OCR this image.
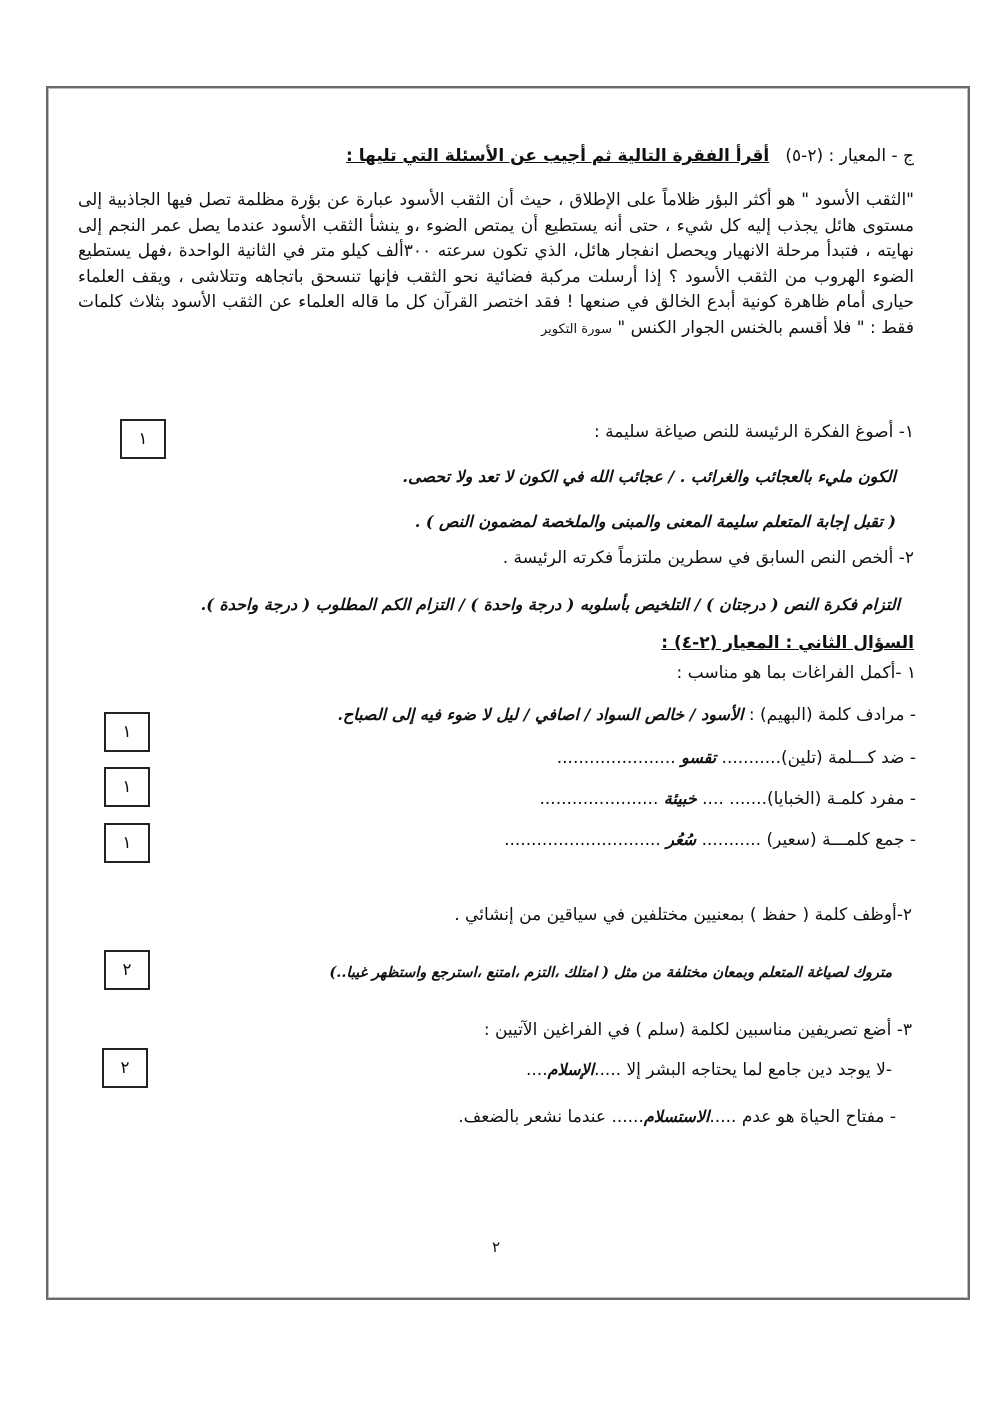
ج - المعيار : (٢-٥)   أقرأ الفقرة التالية ثم أجيب عن الأسئلة التي تليها :
"الثقب الأسود " هو أكثر البؤر ظلاماً على الإطلاق ، حيث أن الثقب الأسود عبارة عن بؤرة مظلمة تصل فيها الجاذبية إلى مستوى هائل يجذب إليه كل شيء ، حتى أنه يستطيع أن يمتص الضوء ،و ينشأ الثقب الأسود عندما يصل عمر النجم إلى نهايته ، فتبدأ مرحلة الانهيار ويحصل انفجار هائل، الذي تكون سرعته ٣٠٠ألف كيلو متر في الثانية الواحدة ،فهل يستطيع الضوء الهروب من الثقب الأسود ؟ إذا أرسلت مركبة فضائية نحو الثقب فإنها تنسحق باتجاهه وتتلاشى ، ويقف العلماء حيارى أمام ظاهرة كونية أبدع الخالق في صنعها ! فقد اختصر القرآن كل ما قاله العلماء عن الثقب الأسود بثلاث كلمات فقط : " فلا أقسم بالخنس الجوار الكنس " سورة التكوير
١	١- أصوغ الفكرة الرئيسة للنص صياغة سليمة :
الكون مليء بالعجائب والغرائب . / عجائب الله في الكون لا تعد ولا تحصى.
( تقبل إجابة المتعلم سليمة المعنى والمبنى والملخصة لمضمون النص ) .
٢- ألخص النص السابق في سطرين ملتزماً فكرته الرئيسة .
التزام فكرة النص ( درجتان ) / التلخيص بأسلوبه ( درجة واحدة ) / التزام الكم المطلوب ( درجة واحدة ).
السؤال الثاني : المعيار (٢-٤) :
١ -أكمل الفراغات بما هو مناسب :
- مرادف كلمة (البهيم) : الأسود / خالص السواد / اصافي / ليل لا ضوء فيه إلى الصباح.
١
- ضد كـــلمة (تلين)........... تقسو ......................
١
- مفرد كلمـة (الخبايا)....... .... خبيئة ......................
١	- جمع كلمـــة (سعير) ........... سُعُر .............................
٢-أوظف كلمة ( حفظ ) بمعنيين مختلفين في سياقين من إنشائي .
٢	متروك لصياغة المتعلم وبمعان مختلفة من مثل ( امتلك ،التزم ،امتنع ،استرجع واستظهر غيبا..)
٣- أضع تصريفين مناسبين لكلمة (سلم ) في الفراغين الآتيين :
٢	-لا يوجد دين جامع لما يحتاجه البشر إلا .....الإسلام....
- مفتاح الحياة هو عدم .....الاستسلام...... عندما نشعر بالضعف.
٢
